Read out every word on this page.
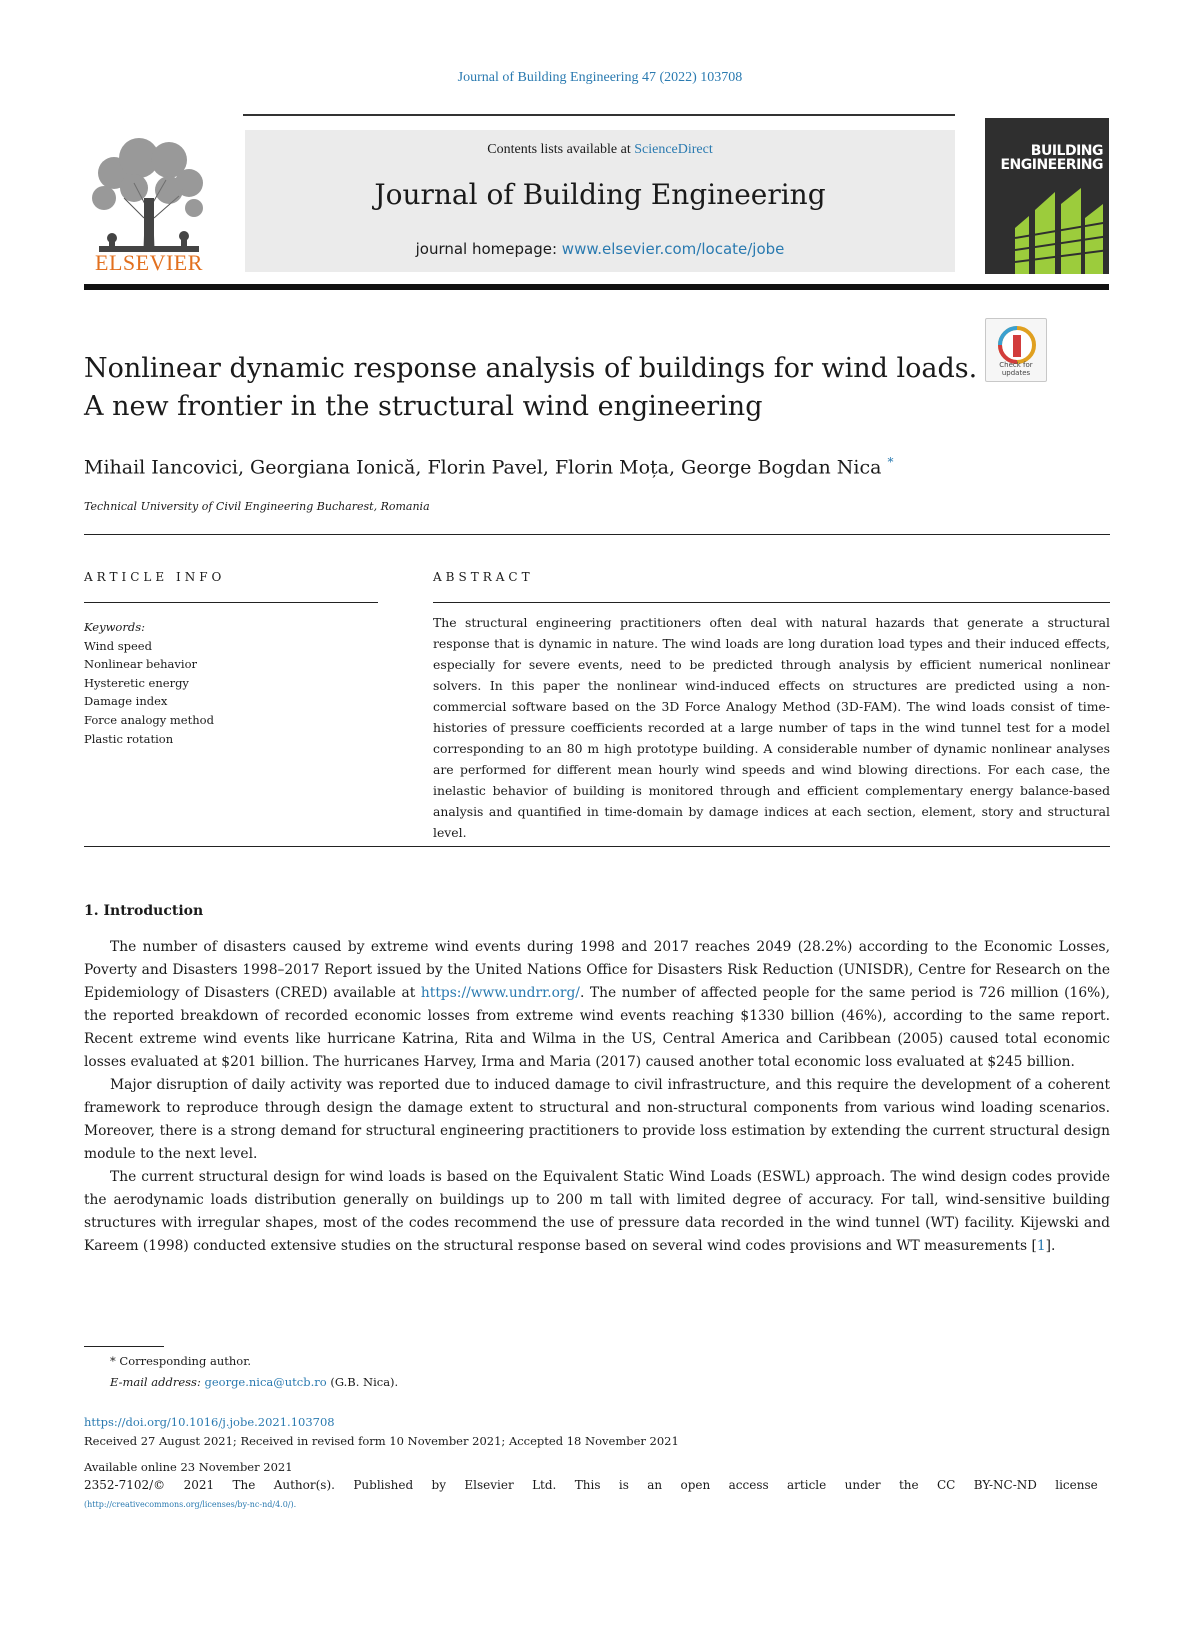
Journal of Building Engineering 47 (2022) 103708
ELSEVIER
Contents lists available at ScienceDirect
Journal of Building Engineering
journal homepage: www.elsevier.com/locate/jobe
BUILDING
ENGINEERING
Check for updates
Nonlinear dynamic response analysis of buildings for wind loads.
A new frontier in the structural wind engineering
Mihail Iancovici, Georgiana Ionică, Florin Pavel, Florin Moța, George Bogdan Nica *
Technical University of Civil Engineering Bucharest, Romania
ARTICLE INFO	ABSTRACT
Keywords:
Wind speed
Nonlinear behavior
Hysteretic energy
Damage index
Force analogy method
Plastic rotation
The structural engineering practitioners often deal with natural hazards that generate a structural response that is dynamic in nature. The wind loads are long duration load types and their induced effects, especially for severe events, need to be predicted through analysis by efficient numerical nonlinear solvers. In this paper the nonlinear wind-induced effects on structures are predicted using a non-commercial software based on the 3D Force Analogy Method (3D-FAM). The wind loads consist of time-histories of pressure coefficients recorded at a large number of taps in the wind tunnel test for a model corresponding to an 80 m high prototype building. A considerable number of dynamic nonlinear analyses are performed for different mean hourly wind speeds and wind blowing directions. For each case, the inelastic behavior of building is monitored through and efficient complementary energy balance-based analysis and quantified in time-domain by damage indices at each section, element, story and structural level.
1. Introduction

The number of disasters caused by extreme wind events during 1998 and 2017 reaches 2049 (28.2%) according to the Economic Losses, Poverty and Disasters 1998–2017 Report issued by the United Nations Office for Disasters Risk Reduction (UNISDR), Centre for Research on the Epidemiology of Disasters (CRED) available at https://www.undrr.org/. The number of affected people for the same period is 726 million (16%), the reported breakdown of recorded economic losses from extreme wind events reaching $1330 billion (46%), according to the same report. Recent extreme wind events like hurricane Katrina, Rita and Wilma in the US, Central America and Caribbean (2005) caused total economic losses evaluated at $201 billion. The hurricanes Harvey, Irma and Maria (2017) caused another total economic loss evaluated at $245 billion.

Major disruption of daily activity was reported due to induced damage to civil infrastructure, and this require the development of a coherent framework to reproduce through design the damage extent to structural and non-structural components from various wind loading scenarios. Moreover, there is a strong demand for structural engineering practitioners to provide loss estimation by extending the current structural design module to the next level.

The current structural design for wind loads is based on the Equivalent Static Wind Loads (ESWL) approach. The wind design codes provide the aerodynamic loads distribution generally on buildings up to 200 m tall with limited degree of accuracy. For tall, wind-sensitive building structures with irregular shapes, most of the codes recommend the use of pressure data recorded in the wind tunnel (WT) facility. Kijewski and Kareem (1998) conducted extensive studies on the structural response based on several wind codes provisions and WT measurements [1].

* Corresponding author.
E-mail address: george.nica@utcb.ro (G.B. Nica).
https://doi.org/10.1016/j.jobe.2021.103708
Received 27 August 2021; Received in revised form 10 November 2021; Accepted 18 November 2021
Available online 23 November 2021
2352-7102/© 2021 The Author(s). Published by Elsevier Ltd. This is an open access article under the CC BY-NC-ND license
(http://creativecommons.org/licenses/by-nc-nd/4.0/).
